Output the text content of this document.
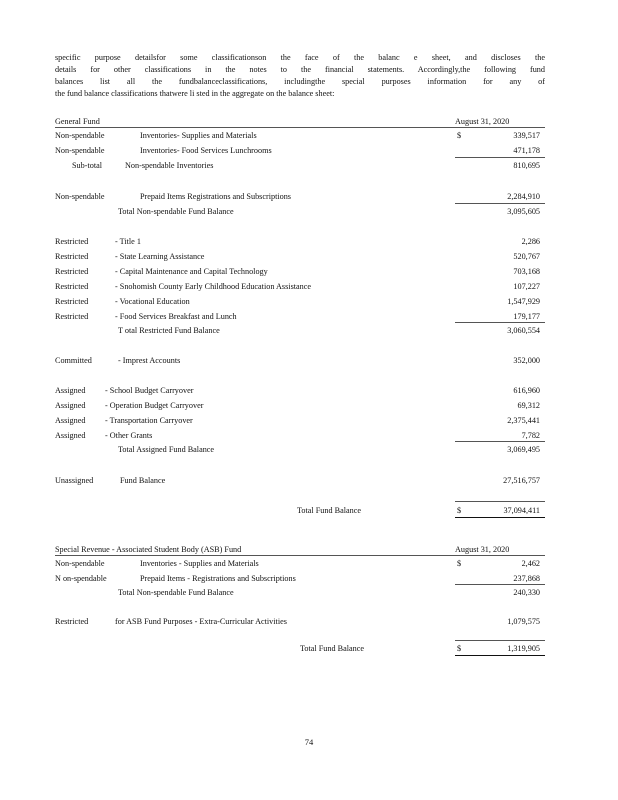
specific purpose detailsfor some classificationson the face of the balanc e sheet, and discloses the
details for other classifications in the notes to the financial statements. Accordingly,the following fund
balances list all the fundbalanceclassifications, includingthe special purposes information for any of
the fund balance classifications thatwere li sted in the aggregate on the balance sheet:
General Fund	August 31, 2020
$
Non-spendable	Inventories- Supplies and Materials	339,517
Non-spendable	Inventories- Food Services Lunchrooms	471,178
Sub-total	Non-spendable Inventories	810,695
Non-spendable	Prepaid Items Registrations and Subscriptions	2,284,910
Total Non-spendable Fund Balance	3,095,605
Restricted	- Title 1	2,286
Restricted	- State Learning Assistance	520,767
Restricted	- Capital Maintenance and Capital Technology	703,168
Restricted	- Snohomish County Early Childhood Education Assistance	107,227
Restricted	- Vocational Education	1,547,929
Restricted	- Food Services Breakfast and Lunch	179,177
T otal Restricted Fund Balance	3,060,554
Committed	- Imprest Accounts	352,000
Assigned - School Budget Carryover	616,960
Assigned - Operation Budget Carryover	69,312
Assigned - Transportation Carryover	2,375,441
Assigned - Other Grants	7,782
Total Assigned Fund Balance	3,069,495
Unassigned	Fund Balance	27,516,757
Total Fund Balance	$	37,094,411
Special Revenue - Associated Student Body (ASB) Fund	August 31, 2020
$
Non-spendable	Inventories - Supplies and Materials	2,462
N on-spendable	Prepaid Items - Registrations and Subscriptions	237,868
Total Non-spendable Fund Balance	240,330
Restricted	for ASB Fund Purposes - Extra-Curricular Activities	1,079,575
Total Fund Balance	$	1,319,905
74
